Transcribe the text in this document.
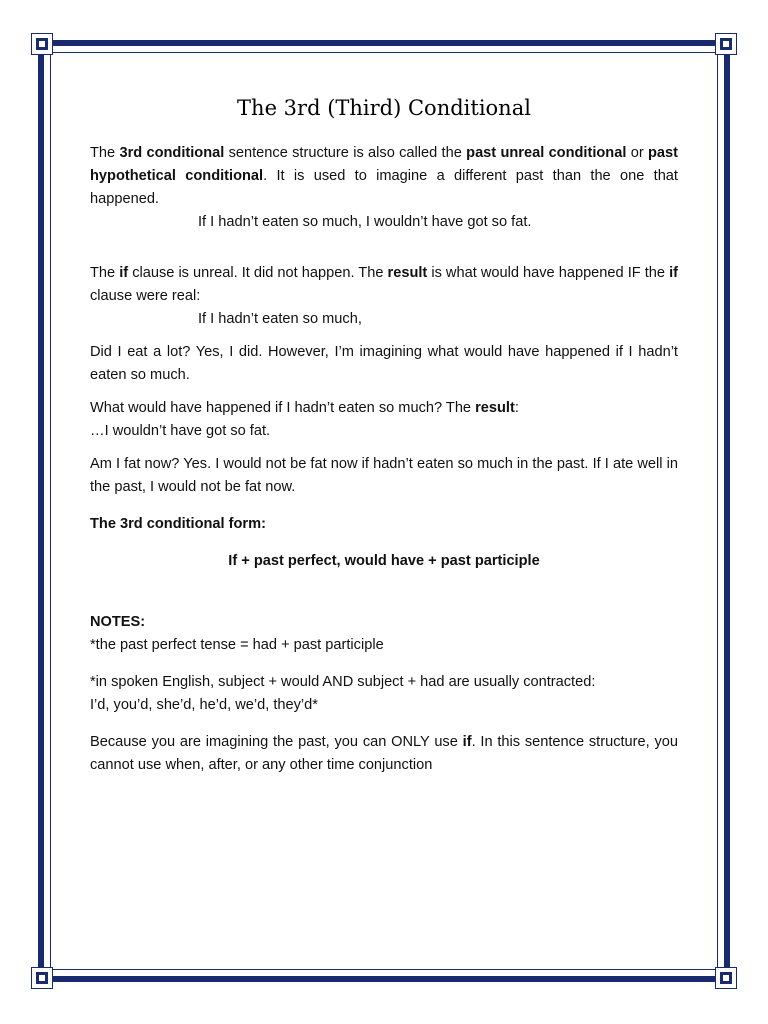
The 3rd (Third) Conditional

The 3rd conditional sentence structure is also called the past unreal conditional or past hypothetical conditional. It is used to imagine a different past than the one that happened.

If I hadn’t eaten so much, I wouldn’t have got so fat.

The if clause is unreal. It did not happen. The result is what would have happened IF the if clause were real:

If I hadn’t eaten so much,

Did I eat a lot? Yes, I did. However, I’m imagining what would have happened if I hadn’t eaten so much.

What would have happened if I hadn’t eaten so much? The result:

…I wouldn’t have got so fat.

Am I fat now? Yes. I would not be fat now if hadn’t eaten so much in the past. If I ate well in the past, I would not be fat now.

The 3rd conditional form:

If + past perfect, would have + past participle

NOTES:

*the past perfect tense = had + past participle

*in spoken English, subject + would AND subject + had are usually contracted:

I’d, you’d, she’d, he’d, we’d, they’d*

Because you are imagining the past, you can ONLY use if. In this sentence structure, you cannot use when, after, or any other time conjunction
